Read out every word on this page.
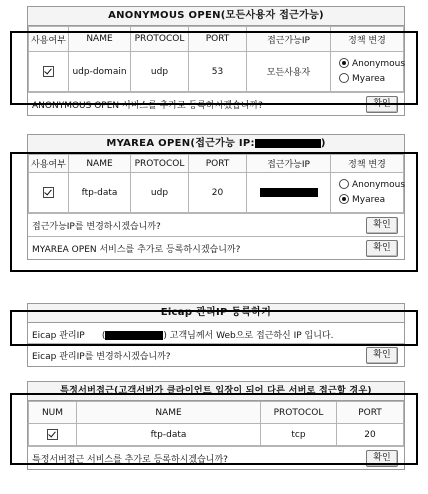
ANONYMOUS OPEN(모든사용자 접근가능)
사용여부	NAME	PROTOCOL	PORT	접근가능IP	정책 변경
	udp-domain	udp	53	모든사용자	Anonymous
Myarea
ANONYMOUS OPEN 서비스를 추가로 등록하시겠습니까?	확인
MYAREA OPEN(접근가능 IP:	)
사용여부	NAME	PROTOCOL	PORT	접근가능IP	정책 변경
	ftp-data	udp	20		Anonymous
Myarea
접근가능IP를 변경하시겠습니까?	확인
MYAREA OPEN 서비스를 추가로 등록하시겠습니까?	확인
Eicap 관리IP 등록하기
Eicap 관리IP (	) 고객님께서 Web으로 접근하신 IP 입니다.
Eicap 관리IP를 변경하시겠습니까?	확인
특정서버접근(고객서버가 클라이언트 입장이 되어 다른 서버로 접근할 경우)
NUM	NAME	PROTOCOL	PORT
	ftp-data	tcp	20
특정서버접근 서비스를 추가로 등록하시겠습니까?	확인
